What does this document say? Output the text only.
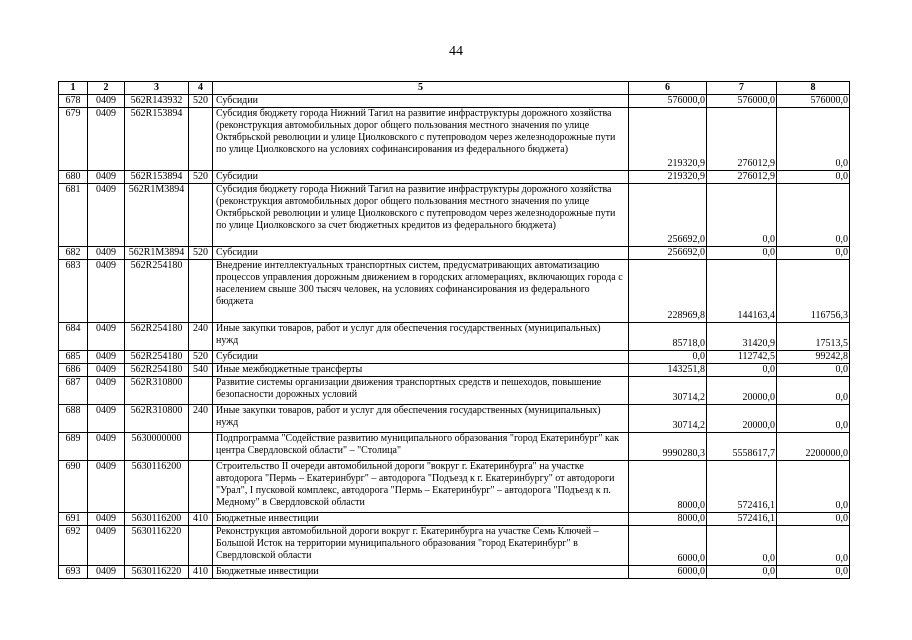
44
1	2	3	4	5	6	7	8
678	0409	562R143932	520	Субсидии	576000,0	576000,0	576000,0
679	0409	562R153894		Субсидия бюджету города Нижний Тагил на развитие инфраструктуры дорожного хозяйства (реконструкция автомобильных дорог общего пользования местного значения по улице Октябрьской революции и улице Циолковского с путепроводом через железнодорожные пути по улице Циолковского на условиях софинансирования из федерального бюджета)	219320,9	276012,9	0,0
680	0409	562R153894	520	Субсидии	219320,9	276012,9	0,0
681	0409	562R1M3894		Субсидия бюджету города Нижний Тагил на развитие инфраструктуры дорожного хозяйства (реконструкция автомобильных дорог общего пользования местного значения по улице Октябрьской революции и улице Циолковского с путепроводом через железнодорожные пути по улице Циолковского за счет бюджетных кредитов из федерального бюджета)	256692,0	0,0	0,0
682	0409	562R1M3894	520	Субсидии	256692,0	0,0	0,0
683	0409	562R254180		Внедрение интеллектуальных транспортных систем, предусматривающих автоматизацию процессов управления дорожным движением в городских агломерациях, включающих города с населением свыше 300 тысяч человек, на условиях софинансирования из федерального бюджета	228969,8	144163,4	116756,3
684	0409	562R254180	240	Иные закупки товаров, работ и услуг для обеспечения государственных (муниципальных) нужд	85718,0	31420,9	17513,5
685	0409	562R254180	520	Субсидии	0,0	112742,5	99242,8
686	0409	562R254180	540	Иные межбюджетные трансферты	143251,8	0,0	0,0
687	0409	562R310800		Развитие системы организации движения транспортных средств и пешеходов, повышение безопасности дорожных условий	30714,2	20000,0	0,0
688	0409	562R310800	240	Иные закупки товаров, работ и услуг для обеспечения государственных (муниципальных) нужд	30714,2	20000,0	0,0
689	0409	5630000000		Подпрограмма "Содействие развитию муниципального образования "город Екатеринбург" как центра Свердловской области" – "Столица"	9990280,3	5558617,7	2200000,0
690	0409	5630116200		Строительство II очереди автомобильной дороги "вокруг г. Екатеринбурга" на участке автодорога "Пермь – Екатеринбург" – автодорога "Подъезд к г. Екатеринбургу" от автодороги "Урал", I пусковой комплекс, автодорога "Пермь – Екатеринбург" – автодорога "Подъезд к п. Медному" в Свердловской области	8000,0	572416,1	0,0
691	0409	5630116200	410	Бюджетные инвестиции	8000,0	572416,1	0,0
692	0409	5630116220		Реконструкция автомобильной дороги вокруг г. Екатеринбурга на участке Семь Ключей – Большой Исток на территории муниципального образования "город Екатеринбург" в Свердловской области	6000,0	0,0	0,0
693	0409	5630116220	410	Бюджетные инвестиции	6000,0	0,0	0,0
